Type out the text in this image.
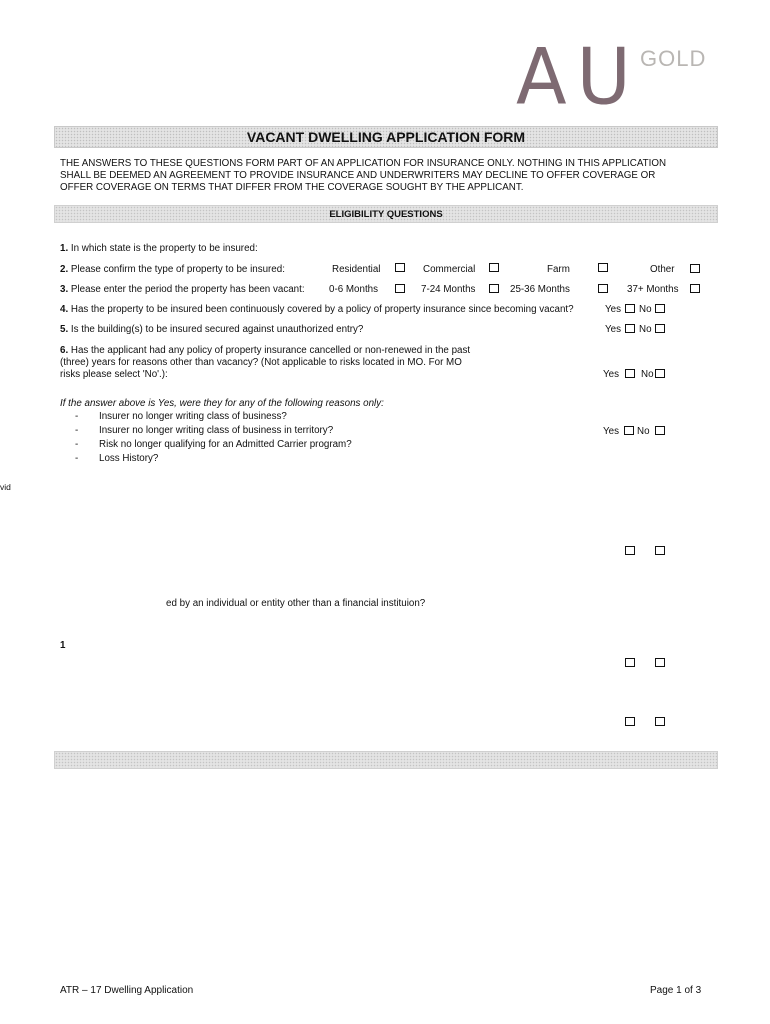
AU GOLD
VACANT DWELLING APPLICATION FORM
THE ANSWERS TO THESE QUESTIONS FORM PART OF AN APPLICATION FOR INSURANCE ONLY. NOTHING IN THIS APPLICATION
SHALL BE DEEMED AN AGREEMENT TO PROVIDE INSURANCE AND UNDERWRITERS MAY DECLINE TO OFFER COVERAGE OR
OFFER COVERAGE ON TERMS THAT DIFFER FROM THE COVERAGE SOUGHT BY THE APPLICANT.
ELIGIBILITY QUESTIONS
1. In which state is the property to be insured:
2. Please confirm the type of property to be insured:	Residential	Commercial	Farm	Other
3. Please enter the period the property has been vacant: 0-6 Months	7-24 Months	25-36 Months	37+ Months
4. Has the property to be insured been continuously covered by a policy of property insurance since becoming vacant?	Yes No
5. Is the building(s) to be insured secured against unauthorized entry?	Yes No
6. Has the applicant had any policy of property insurance cancelled or non-renewed in the past
(three) years for reasons other than vacancy? (Not applicable to risks located in MO. For MO
risks please select 'No'.):	Yes No
If the answer above is Yes, were they for any of the following reasons only:
- Insurer no longer writing class of business?
- Insurer no longer writing class of business in territory?
- Risk no longer qualifying for an Admitted Carrier program?
- Loss History?
Yes No
vid
ed by an individual or entity other than a financial instituion?
1
ATR – 17 Dwelling Application	Page 1 of 3
